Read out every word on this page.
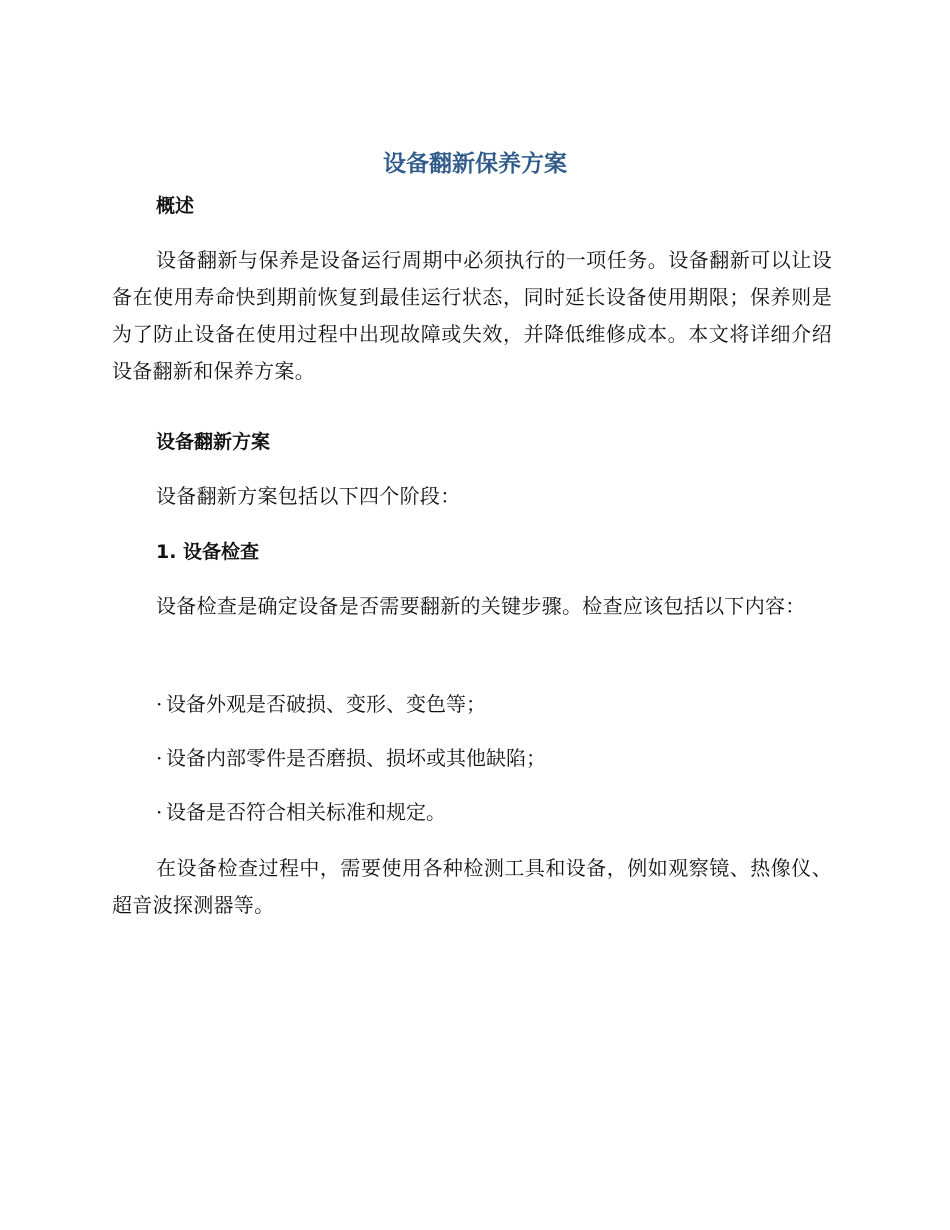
设备翻新保养方案
概述

设备翻新与保养是设备运行周期中必须执行的一项任务。设备翻新可以让设备在使用寿命快到期前恢复到最佳运行状态，同时延长设备使用期限；保养则是为了防止设备在使用过程中出现故障或失效，并降低维修成本。本文将详细介绍设备翻新和保养方案。

设备翻新方案

设备翻新方案包括以下四个阶段：

1. 设备检查

设备检查是确定设备是否需要翻新的关键步骤。检查应该包括以下内容：

· 设备外观是否破损、变形、变色等；

· 设备内部零件是否磨损、损坏或其他缺陷；

· 设备是否符合相关标准和规定。

在设备检查过程中，需要使用各种检测工具和设备，例如观察镜、热像仪、超音波探测器等。
